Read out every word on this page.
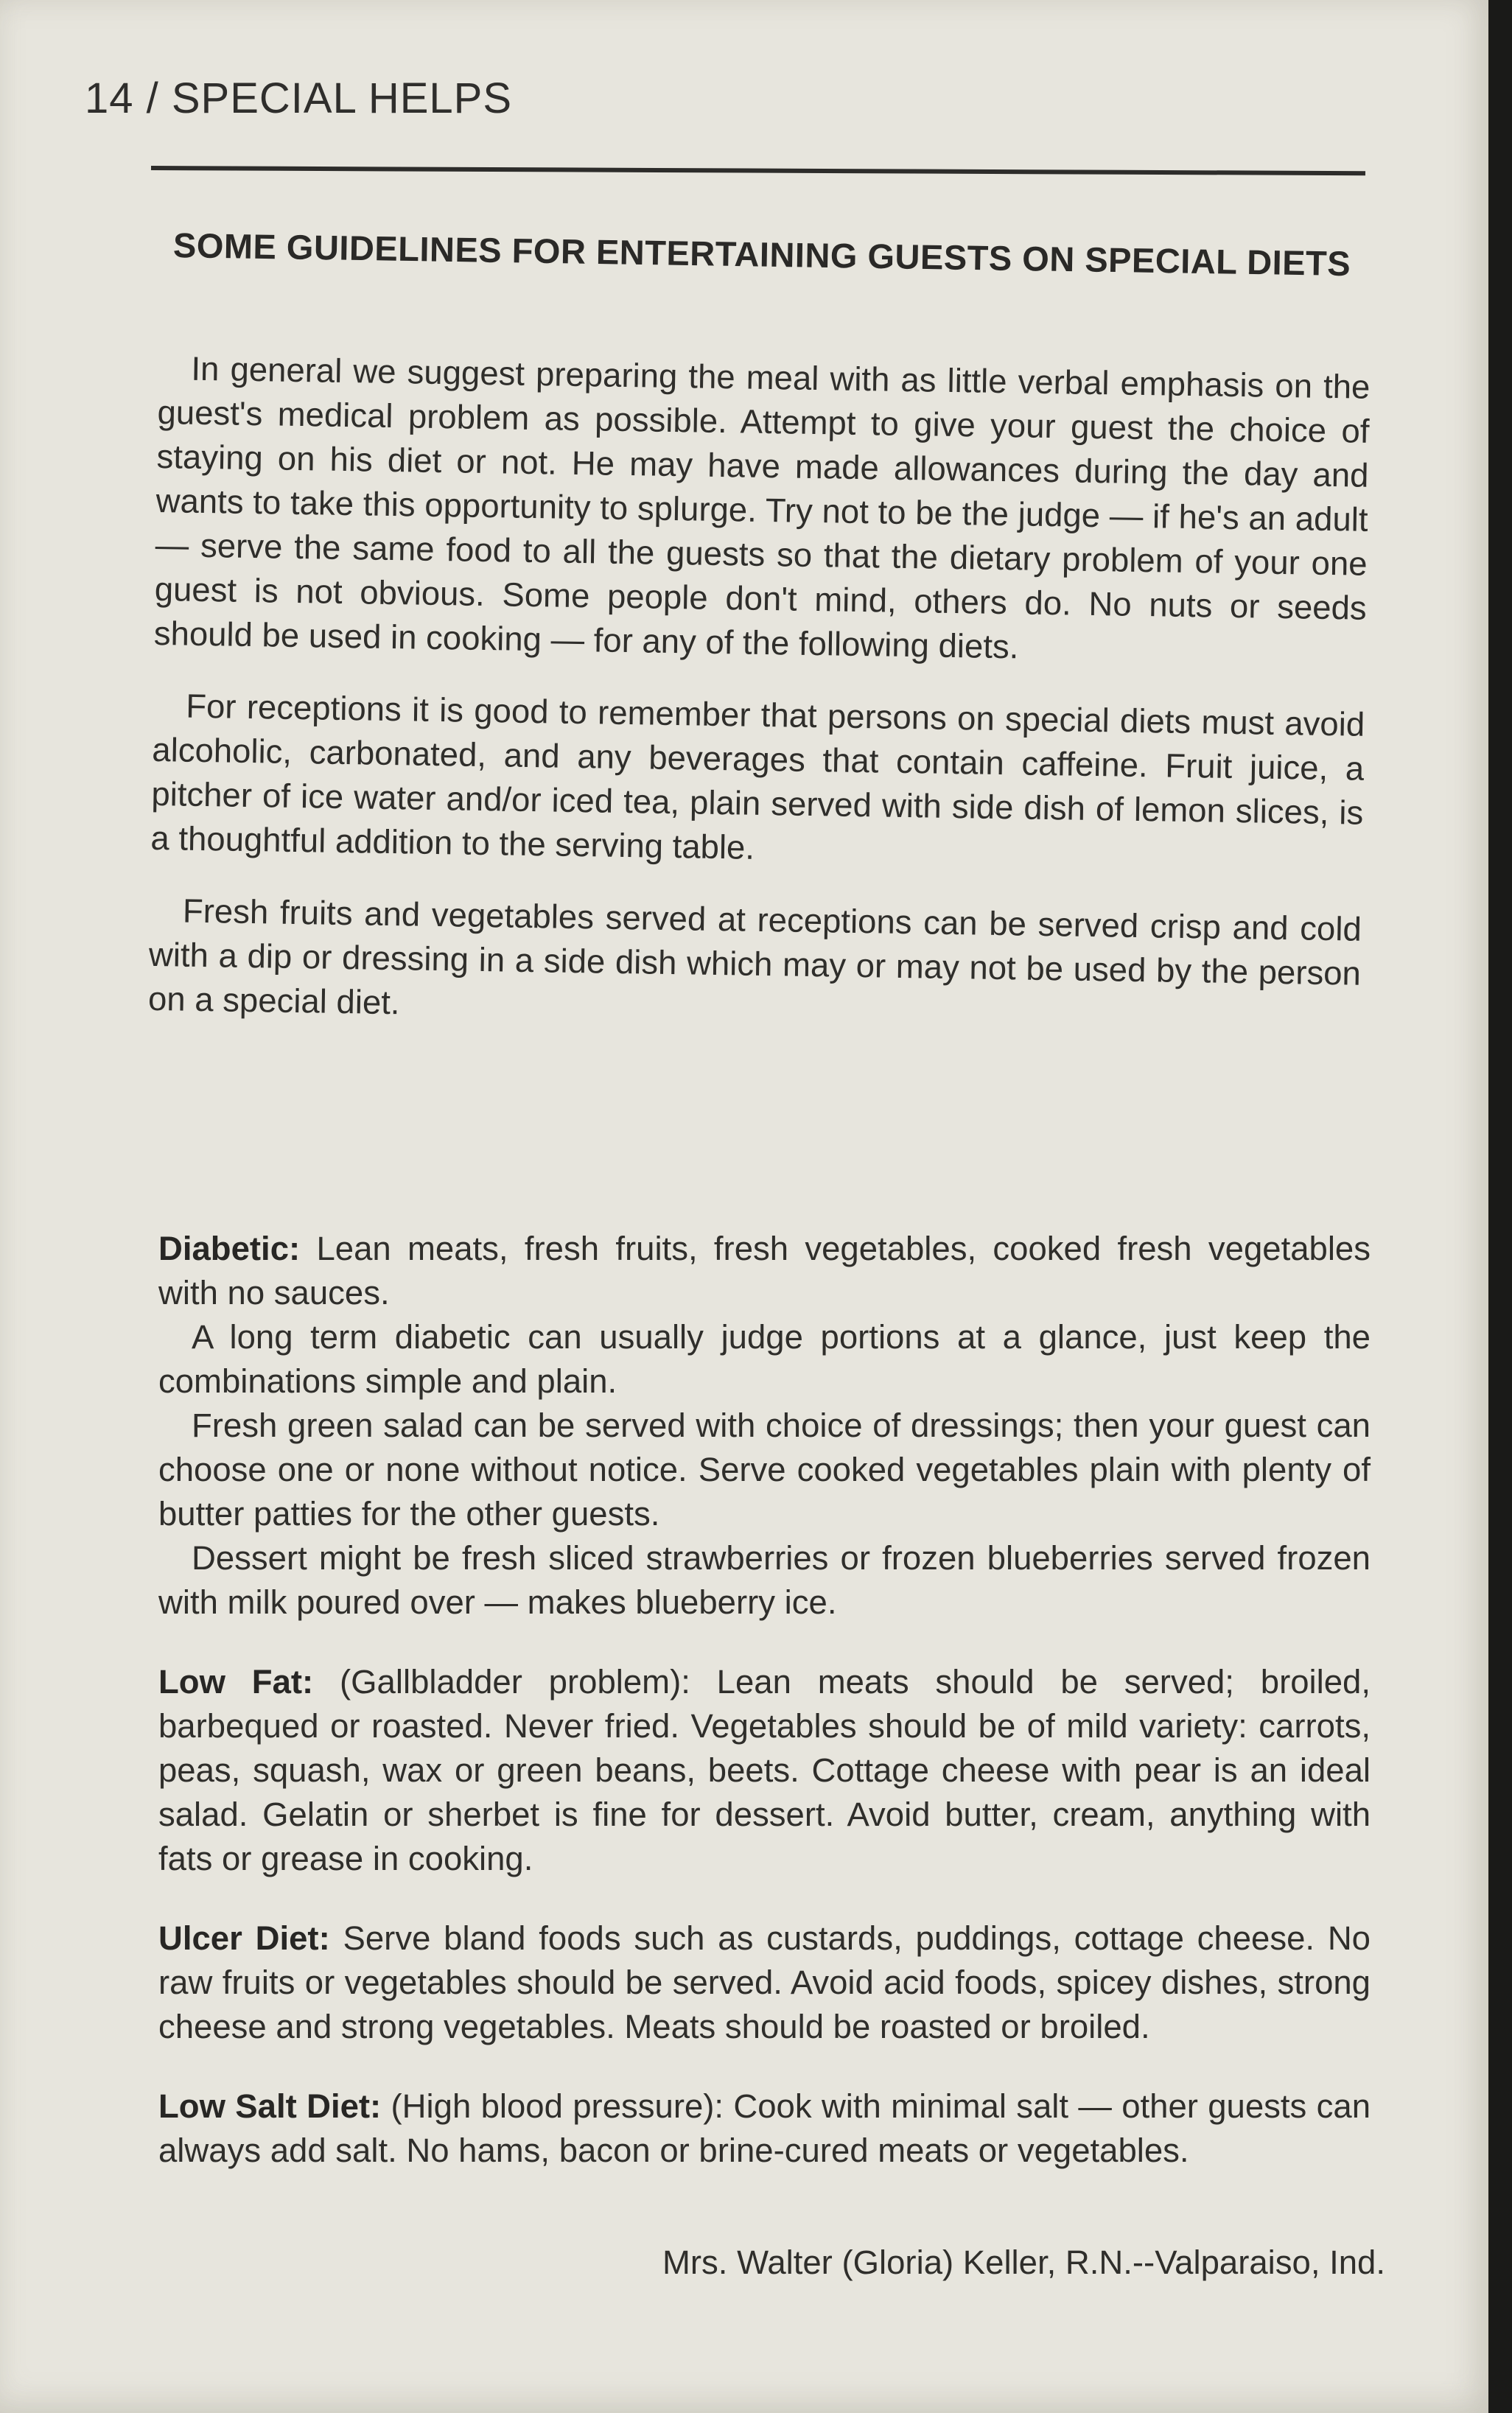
14 / SPECIAL HELPS
SOME GUIDELINES FOR ENTERTAINING GUESTS ON SPECIAL DIETS

In general we suggest preparing the meal with as little verbal emphasis on the guest's medical problem as possible. Attempt to give your guest the choice of staying on his diet or not. He may have made allowances during the day and wants to take this opportunity to splurge. Try not to be the judge — if he's an adult — serve the same food to all the guests so that the dietary problem of your one guest is not obvious. Some people don't mind, others do. No nuts or seeds should be used in cooking — for any of the following diets.

For receptions it is good to remember that persons on special diets must avoid alcoholic, carbonated, and any beverages that contain caffeine. Fruit juice, a pitcher of ice water and/or iced tea, plain served with side dish of lemon slices, is a thoughtful addition to the serving table.

Fresh fruits and vegetables served at receptions can be served crisp and cold with a dip or dressing in a side dish which may or may not be used by the person on a special diet.

Diabetic: Lean meats, fresh fruits, fresh vegetables, cooked fresh vegetables with no sauces.

A long term diabetic can usually judge portions at a glance, just keep the combinations simple and plain.

Fresh green salad can be served with choice of dressings; then your guest can choose one or none without notice. Serve cooked vegetables plain with plenty of butter patties for the other guests.

Dessert might be fresh sliced strawberries or frozen blueberries served frozen with milk poured over — makes blueberry ice.

Low Fat: (Gallbladder problem): Lean meats should be served; broiled, barbequed or roasted. Never fried. Vegetables should be of mild variety: carrots, peas, squash, wax or green beans, beets. Cottage cheese with pear is an ideal salad. Gelatin or sherbet is fine for dessert. Avoid butter, cream, anything with fats or grease in cooking.

Ulcer Diet: Serve bland foods such as custards, puddings, cottage cheese. No raw fruits or vegetables should be served. Avoid acid foods, spicey dishes, strong cheese and strong vegetables. Meats should be roasted or broiled.

Low Salt Diet: (High blood pressure): Cook with minimal salt — other guests can always add salt. No hams, bacon or brine-cured meats or vegetables.

Mrs. Walter (Gloria) Keller, R.N.--Valparaiso, Ind.
